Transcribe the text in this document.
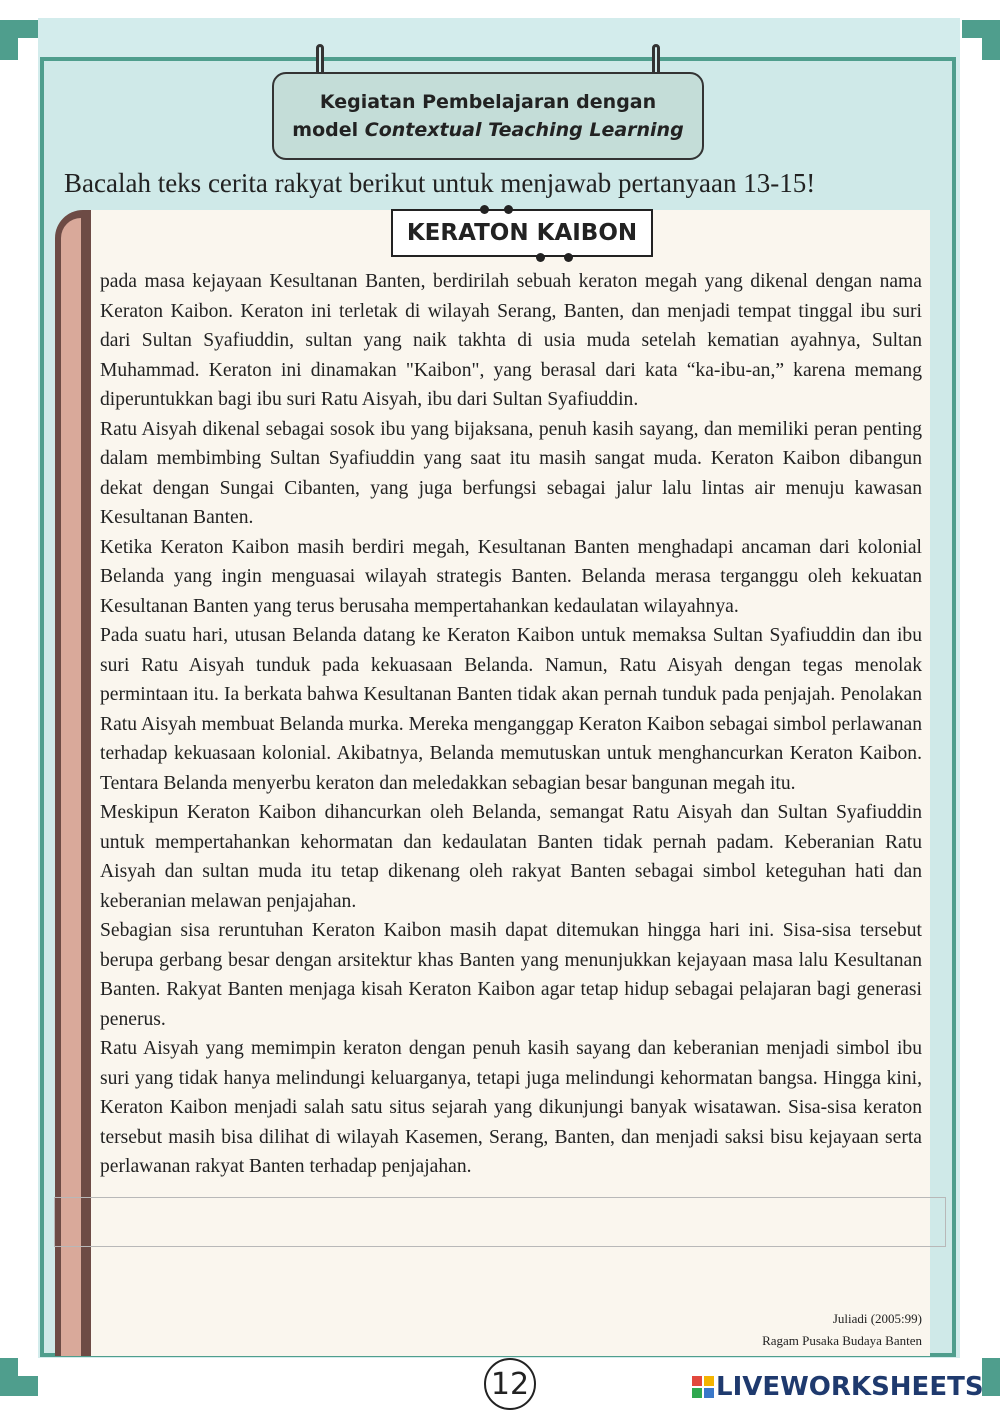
Kegiatan Pembelajaran dengan
model Contextual Teaching Learning
Bacalah teks cerita rakyat berikut untuk menjawab pertanyaan 13-15!
KERATON KAIBON

pada masa kejayaan Kesultanan Banten, berdirilah sebuah keraton megah yang dikenal dengan nama Keraton Kaibon. Keraton ini terletak di wilayah Serang, Banten, dan menjadi tempat tinggal ibu suri dari Sultan Syafiuddin, sultan yang naik takhta di usia muda setelah kematian ayahnya, Sultan Muhammad. Keraton ini dinamakan "Kaibon", yang berasal dari kata “ka-ibu-an,” karena memang diperuntukkan bagi ibu suri Ratu Aisyah, ibu dari Sultan Syafiuddin.

Ratu Aisyah dikenal sebagai sosok ibu yang bijaksana, penuh kasih sayang, dan memiliki peran penting dalam membimbing Sultan Syafiuddin yang saat itu masih sangat muda. Keraton Kaibon dibangun dekat dengan Sungai Cibanten, yang juga berfungsi sebagai jalur lalu lintas air menuju kawasan Kesultanan Banten.

Ketika Keraton Kaibon masih berdiri megah, Kesultanan Banten menghadapi ancaman dari kolonial Belanda yang ingin menguasai wilayah strategis Banten. Belanda merasa terganggu oleh kekuatan Kesultanan Banten yang terus berusaha mempertahankan kedaulatan wilayahnya.

Pada suatu hari, utusan Belanda datang ke Keraton Kaibon untuk memaksa Sultan Syafiuddin dan ibu suri Ratu Aisyah tunduk pada kekuasaan Belanda. Namun, Ratu Aisyah dengan tegas menolak permintaan itu. Ia berkata bahwa Kesultanan Banten tidak akan pernah tunduk pada penjajah. Penolakan Ratu Aisyah membuat Belanda murka. Mereka menganggap Keraton Kaibon sebagai simbol perlawanan terhadap kekuasaan kolonial. Akibatnya, Belanda memutuskan untuk menghancurkan Keraton Kaibon. Tentara Belanda menyerbu keraton dan meledakkan sebagian besar bangunan megah itu.

Meskipun Keraton Kaibon dihancurkan oleh Belanda, semangat Ratu Aisyah dan Sultan Syafiuddin untuk mempertahankan kehormatan dan kedaulatan Banten tidak pernah padam. Keberanian Ratu Aisyah dan sultan muda itu tetap dikenang oleh rakyat Banten sebagai simbol keteguhan hati dan keberanian melawan penjajahan.

Sebagian sisa reruntuhan Keraton Kaibon masih dapat ditemukan hingga hari ini. Sisa-sisa tersebut berupa gerbang besar dengan arsitektur khas Banten yang menunjukkan kejayaan masa lalu Kesultanan Banten. Rakyat Banten menjaga kisah Keraton Kaibon agar tetap hidup sebagai pelajaran bagi generasi penerus.

Ratu Aisyah yang memimpin keraton dengan penuh kasih sayang dan keberanian menjadi simbol ibu suri yang tidak hanya melindungi keluarganya, tetapi juga melindungi kehormatan bangsa. Hingga kini, Keraton Kaibon menjadi salah satu situs sejarah yang dikunjungi banyak wisatawan. Sisa-sisa keraton tersebut masih bisa dilihat di wilayah Kasemen, Serang, Banten, dan menjadi saksi bisu kejayaan serta perlawanan rakyat Banten terhadap penjajahan.

Juliadi (2005:99)
Ragam Pusaka Budaya Banten
12	LIVEWORKSHEETS
